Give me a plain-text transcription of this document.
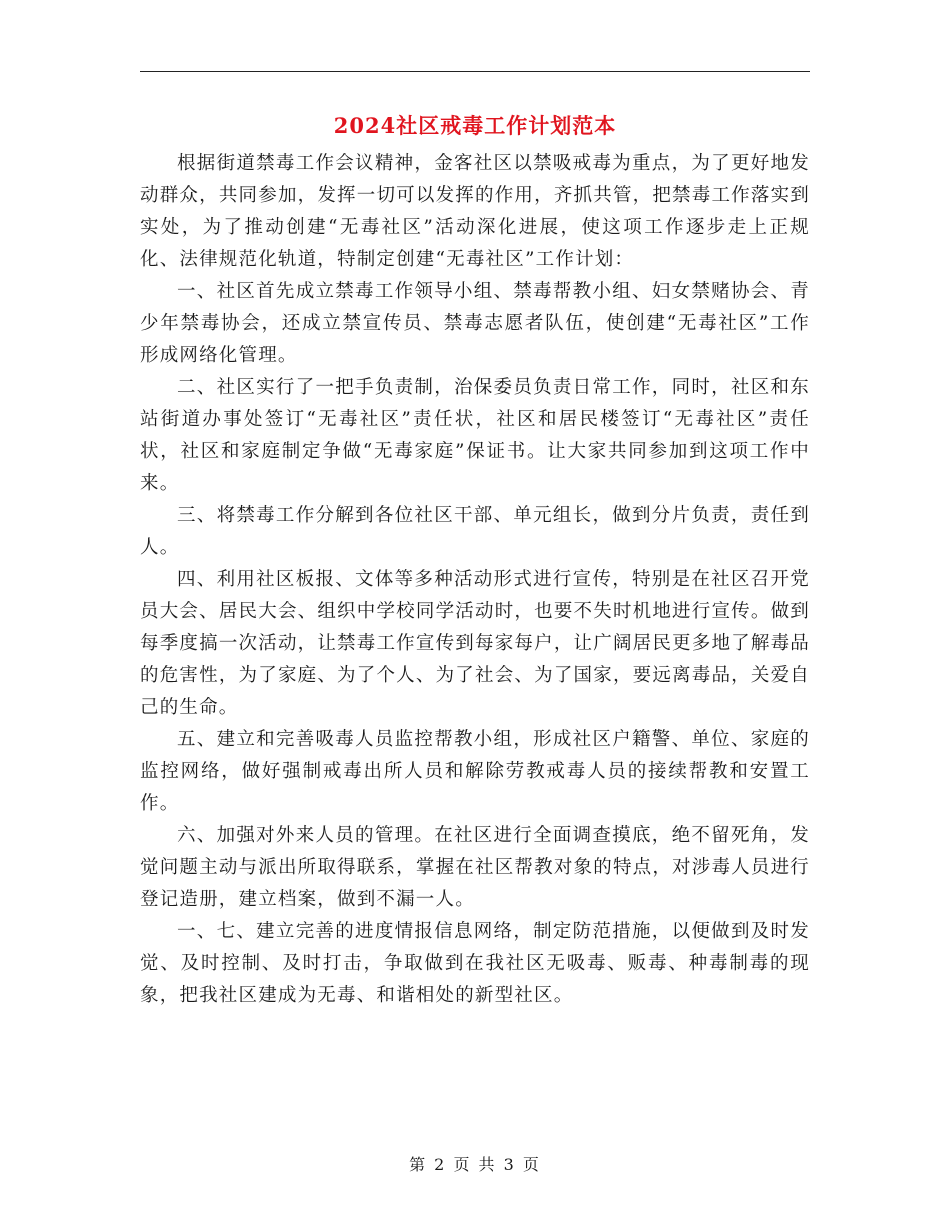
2024社区戒毒工作计划范本

根据街道禁毒工作会议精神，金客社区以禁吸戒毒为重点，为了更好地发动群众，共同参加，发挥一切可以发挥的作用，齐抓共管，把禁毒工作落实到实处，为了推动创建“无毒社区”活动深化进展，使这项工作逐步走上正规化、法律规范化轨道，特制定创建“无毒社区”工作计划：

一、社区首先成立禁毒工作领导小组、禁毒帮教小组、妇女禁赌协会、青少年禁毒协会，还成立禁宣传员、禁毒志愿者队伍，使创建“无毒社区”工作形成网络化管理。

二、社区实行了一把手负责制，治保委员负责日常工作，同时，社区和东站街道办事处签订“无毒社区”责任状，社区和居民楼签订“无毒社区”责任状，社区和家庭制定争做“无毒家庭”保证书。让大家共同参加到这项工作中来。

三、将禁毒工作分解到各位社区干部、单元组长，做到分片负责，责任到人。

四、利用社区板报、文体等多种活动形式进行宣传，特别是在社区召开党员大会、居民大会、组织中学校同学活动时，也要不失时机地进行宣传。做到每季度搞一次活动，让禁毒工作宣传到每家每户，让广阔居民更多地了解毒品的危害性，为了家庭、为了个人、为了社会、为了国家，要远离毒品，关爱自己的生命。

五、建立和完善吸毒人员监控帮教小组，形成社区户籍警、单位、家庭的监控网络，做好强制戒毒出所人员和解除劳教戒毒人员的接续帮教和安置工作。

六、加强对外来人员的管理。在社区进行全面调查摸底，绝不留死角，发觉问题主动与派出所取得联系，掌握在社区帮教对象的特点，对涉毒人员进行登记造册，建立档案，做到不漏一人。

一、七、建立完善的进度情报信息网络，制定防范措施，以便做到及时发觉、及时控制、及时打击，争取做到在我社区无吸毒、贩毒、种毒制毒的现象，把我社区建成为无毒、和谐相处的新型社区。

第 2 页 共 3 页
